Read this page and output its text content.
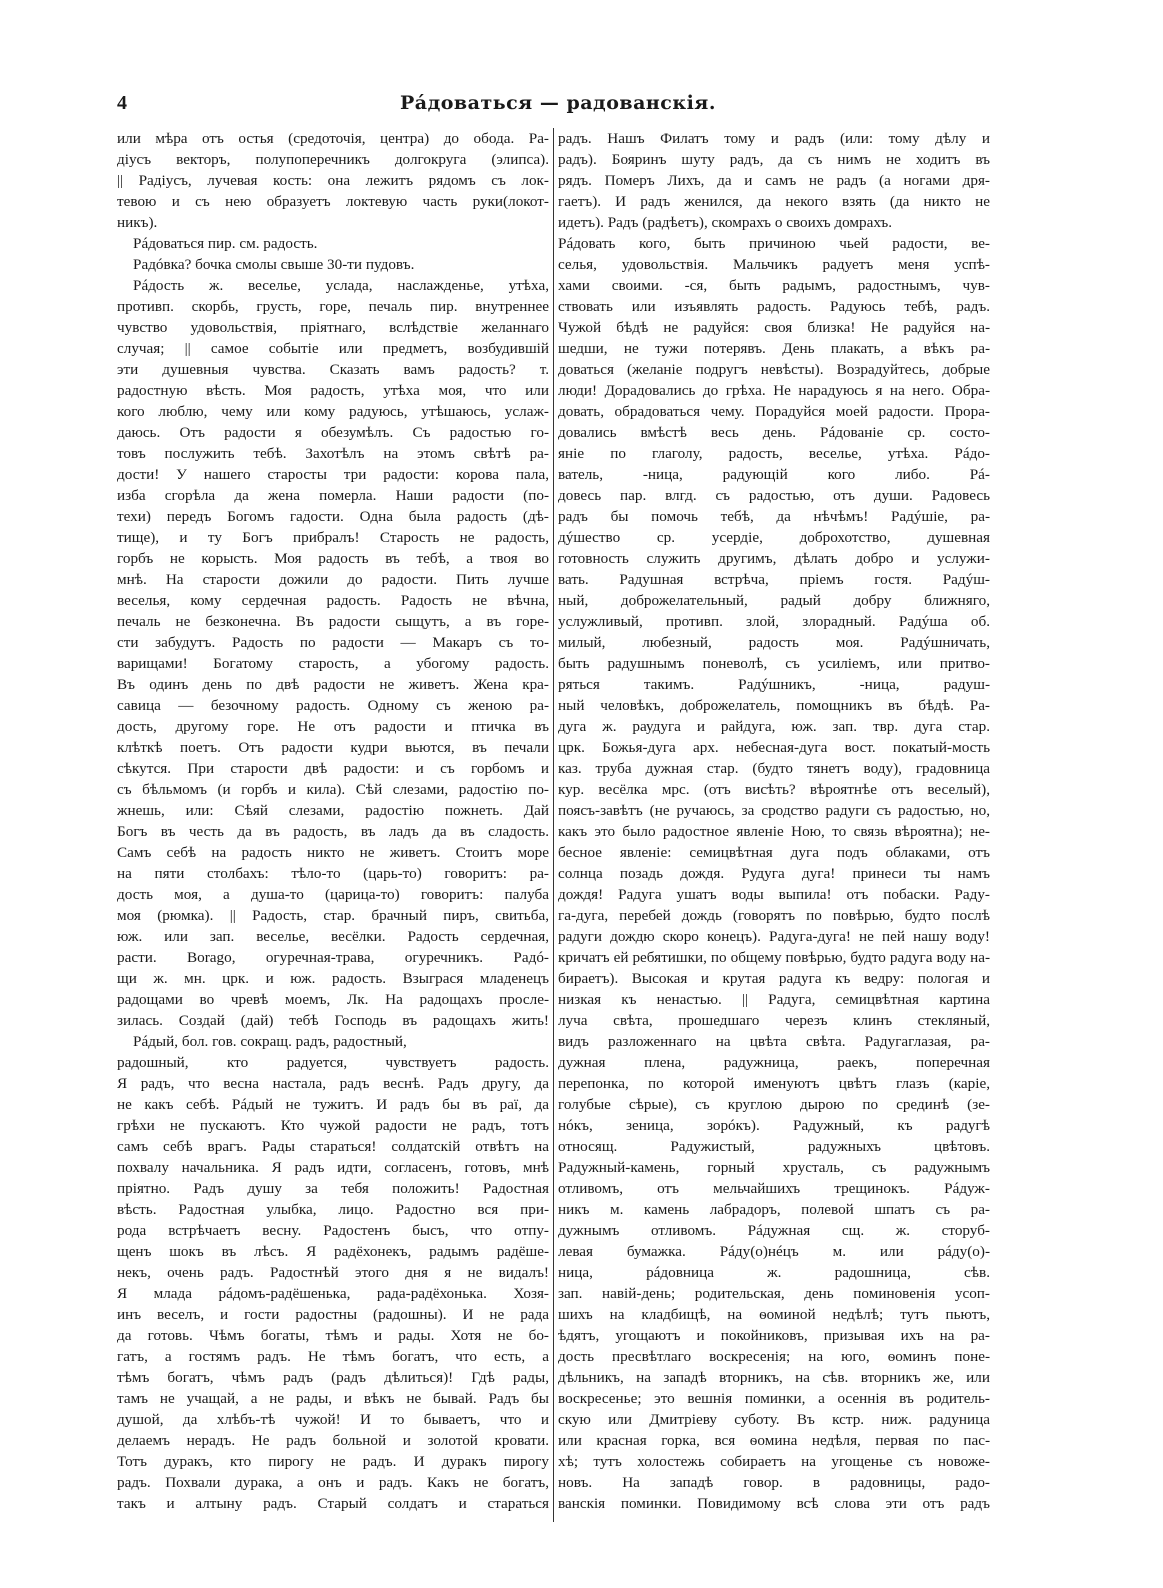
4	Рáдоваться — радованскія.
или мѣра отъ остья (средоточія, центра) до обода. Ра-
діусъ векторъ, полупоперечникъ долгокруга (элипса).
|| Радіусъ, лучевая кость: она лежитъ рядомъ съ лок-
тевою и съ нею образуетъ локтевую часть руки(локот-
никъ).
Рáдоваться пир. см. радость.
Радóвка? бочка смолы свыше 30-ти пудовъ.
Рáдость ж. веселье, услада, наслажденье, утѣха,
противп. скорбь, грусть, горе, печаль пир. внутреннее
чувство удовольствія, пріятнаго, вслѣдствіе желаннаго
случая; || самое событіе или предметъ, возбудившій
эти душевныя чувства. Сказать вамъ радость? т.
радостную вѣсть. Моя радость, утѣха моя, что или
кого люблю, чему или кому радуюсь, утѣшаюсь, услаж-
даюсь. Отъ радости я обезумѣлъ. Съ радостью го-
товъ послужить тебѣ. Захотѣлъ на этомъ свѣтѣ ра-
дости! У нашего старосты три радости: корова пала,
изба сгорѣла да жена померла. Наши радости (по-
техи) передъ Богомъ гадости. Одна была радость (дѣ-
тище), и ту Богъ прибралъ! Старость не радость,
горбъ не корысть. Моя радость въ тебѣ, а твоя во
мнѣ. На старости дожили до радости. Пить лучше
веселья, кому сердечная радость. Радость не вѣчна,
печаль не безконечна. Въ радости сыщутъ, а въ горе-
сти забудутъ. Радость по радости — Макаръ съ то-
варищами! Богатому старость, а убогому радость.
Въ одинъ день по двѣ радости не живетъ. Жена кра-
савица — безочному радость. Одному съ женою ра-
дость, другому горе. Не отъ радости и птичка въ
клѣткѣ поетъ. Отъ радости кудри вьются, въ печали
сѣкутся. При старости двѣ радости: и съ горбомъ и
съ бѣльмомъ (и горбъ и кила). Сѣй слезами, радостію по-
жнешь, или: Сѣяй слезами, радостію пожнеть. Дай
Богъ въ честь да въ радость, въ ладъ да въ сладость.
Самъ себѣ на радость никто не живетъ. Стоитъ море
на пяти столбахъ: тѣло-то (царь-то) говоритъ: ра-
дость моя, а душа-то (царица-то) говоритъ: палуба
моя (рюмка). || Радость, стар. брачный пиръ, свитьба,
юж. или зап. веселье, весёлки. Радость сердечная,
расти. Borago, огуречная-трава, огуречникъ. Радó-
щи ж. мн. црк. и юж. радость. Взыграся младенецъ
радощами во чревѣ моемъ, Лк. На радощахъ просле-
зилась. Создай (дай) тебѣ Господь въ радощахъ жить!
Рáдый, бол. гов. сокращ. радъ, радостный,
радошный, кто радуется, чувствуетъ радость.
Я радъ, что весна настала, радъ веснѣ. Радъ другу, да
не какъ себѣ. Рáдый не тужитъ. И радъ бы въ раї, да
грѣхи не пускаютъ. Кто чужой радости не радъ, тотъ
самъ себѣ врагъ. Рады стараться! солдатскій отвѣтъ на
похвалу начальника. Я радъ идти, согласенъ, готовъ, мнѣ
пріятно. Радъ душу за тебя положить! Радостная
вѣсть. Радостная улыбка, лицо. Радостно вся при-
рода встрѣчаетъ весну. Радостенъ бысъ, что отпу-
щенъ шокъ въ лѣсъ. Я радёхонекъ, радымъ радёше-
некъ, очень радъ. Радостнѣй этого дня я не видалъ!
Я млада рáдомъ-радёшенька, рада-радёхонька. Хозя-
инъ веселъ, и гости радостны (радошны). И не рада
да готовь. Чѣмъ богаты, тѣмъ и рады. Хотя не бо-
гатъ, а гостямъ радъ. Не тѣмъ богатъ, что есть, а
тѣмъ богатъ, чѣмъ радъ (радъ дѣлиться)! Гдѣ рады,
тамъ не учащай, а не рады, и вѣкъ не бывай. Радъ бы
душой, да хлѣбъ-тѣ чужой! И то бываетъ, что и
делаемъ нерадъ. Не радъ больной и золотой кровати.
Тотъ дуракъ, кто пирогу не радъ. И дуракъ пирогу
радъ. Похвали дурака, а онъ и радъ. Какъ не богатъ,
такъ и алтыну радъ. Старый солдатъ и стараться
радъ. Нашъ Филатъ тому и радъ (или: тому дѣлу и
радъ). Бояринъ шуту радъ, да съ нимъ не ходитъ въ
рядъ. Померъ Лихъ, да и самъ не радъ (а ногами дря-
гаетъ). И радъ женился, да некого взять (да никто не
идетъ). Радъ (радѣетъ), скомрахъ о своихъ домрахъ.
Рáдовать кого, быть причиною чьей радости, ве-
селья, удовольствія. Мальчикъ радуетъ меня успѣ-
хами своими. -ся, быть радымъ, радостнымъ, чув-
ствовать или изъявлять радость. Радуюсь тебѣ, радъ.
Чужой бѣдѣ не радуйся: своя близка! Не радуйся на-
шедши, не тужи потерявъ. День плакать, а вѣкъ ра-
доваться (желаніе подругъ невѣсты). Возрадуйтесь, добрые
люди! Дорадовались до грѣха. Не нарадуюсь я на него. Обра-
довать, обрадоваться чему. Порадуйся моей радости. Прора-
довались вмѣстѣ весь день. Рáдованіе ср. состо-
яніе по глаголу, радость, веселье, утѣха. Рáдо-
ватель, -ница, радующій кого либо. Рá-
довесь пар. влгд. съ радостью, отъ души. Радовесь
радъ бы помочь тебѣ, да нѣчѣмъ! Радýшіе, ра-
дýшество ср. усердіе, доброхотство, душевная
готовность служить другимъ, дѣлать добро и услужи-
вать. Радушная встрѣча, пріемъ гостя. Радýш-
ный, доброжелательный, радый добру ближняго,
услужливый, противп. злой, злорадный. Радýша об.
милый, любезный, радость моя. Радýшничать,
быть радушнымъ поневолѣ, съ усиліемъ, или притво-
ряться такимъ. Радýшникъ, -ница, радуш-
ный человѣкъ, доброжелатель, помощникъ въ бѣдѣ. Ра-
дуга ж. раудуга и райдуга, юж. зап. твр. дуга стар.
црк. Божья-дуга арх. небесная-дуга вост. покатый-мость
каз. труба дужная стар. (будто тянетъ воду), градовница
кур. весёлка мрс. (отъ висѣть? вѣроятнѣе отъ веселый),
поясъ-завѣтъ (не ручаюсь, за сродство радуги съ радостью, но,
какъ это было радостное явленіе Ною, то связь вѣроятна); не-
бесное явленіе: семицвѣтная дуга подъ облаками, отъ
солнца позадь дождя. Рудуга дуга! принеси ты намъ
дождя! Радуга ушатъ воды выпила! отъ побаски. Раду-
га-дуга, перебей дождь (говорятъ по повѣрью, будто послѣ
радуги дождю скоро конецъ). Радуга-дуга! не пей нашу воду!
кричатъ ей ребятишки, по общему повѣрью, будто радуга воду на-
бираетъ). Высокая и крутая радуга къ ведру: пологая и
низкая къ ненастью. || Радуга, семицвѣтная картина
луча свѣта, прошедшаго черезъ клинъ стекляный,
видъ разложеннаго на цвѣта свѣта. Радугаглазая, ра-
дужная плена, радужница, раекъ, поперечная
перепонка, по которой именуютъ цвѣтъ глазъ (каріе,
голубые сѣрые), съ круглою дырою по срединѣ (зе-
нóкъ, зеница, зорóкъ). Радужный, къ радугѣ
относящ. Радужистый, радужныхъ цвѣтовъ.
Радужный-камень, горный хрусталь, съ радужнымъ
отливомъ, отъ мельчайшихъ трещинокъ. Рáдуж-
никъ м. камень лабрадоръ, полевой шпатъ съ ра-
дужнымъ отливомъ. Рáдужная сщ. ж. сторуб-
левая бумажка. Рáду(о)нéцъ м. или рáду(о)-
ница, рáдовница ж. радошница, сѣв.
зап. навій-день; родительская, день поминовенія усоп-
шихъ на кладбищѣ, на ѳоминой недѣлѣ; тутъ пьютъ,
ѣдятъ, угощаютъ и покойниковъ, призывая ихъ на ра-
дость пресвѣтлаго воскресенія; на юго, ѳоминъ поне-
дѣльникъ, на западѣ вторникъ, на сѣв. вторникъ же, или
воскресенье; это вешнія поминки, а осеннія въ родитель-
скую или Дмитріеву суботу. Въ кстр. ниж. радуница
или красная горка, вся ѳомина недѣля, первая по пас-
хѣ; тутъ холостежь собираетъ на угощенье съ новоже-
новъ. На западѣ говор. в радовницы, радо-
ванскія поминки. Повидимому всѣ слова эти отъ радъ
